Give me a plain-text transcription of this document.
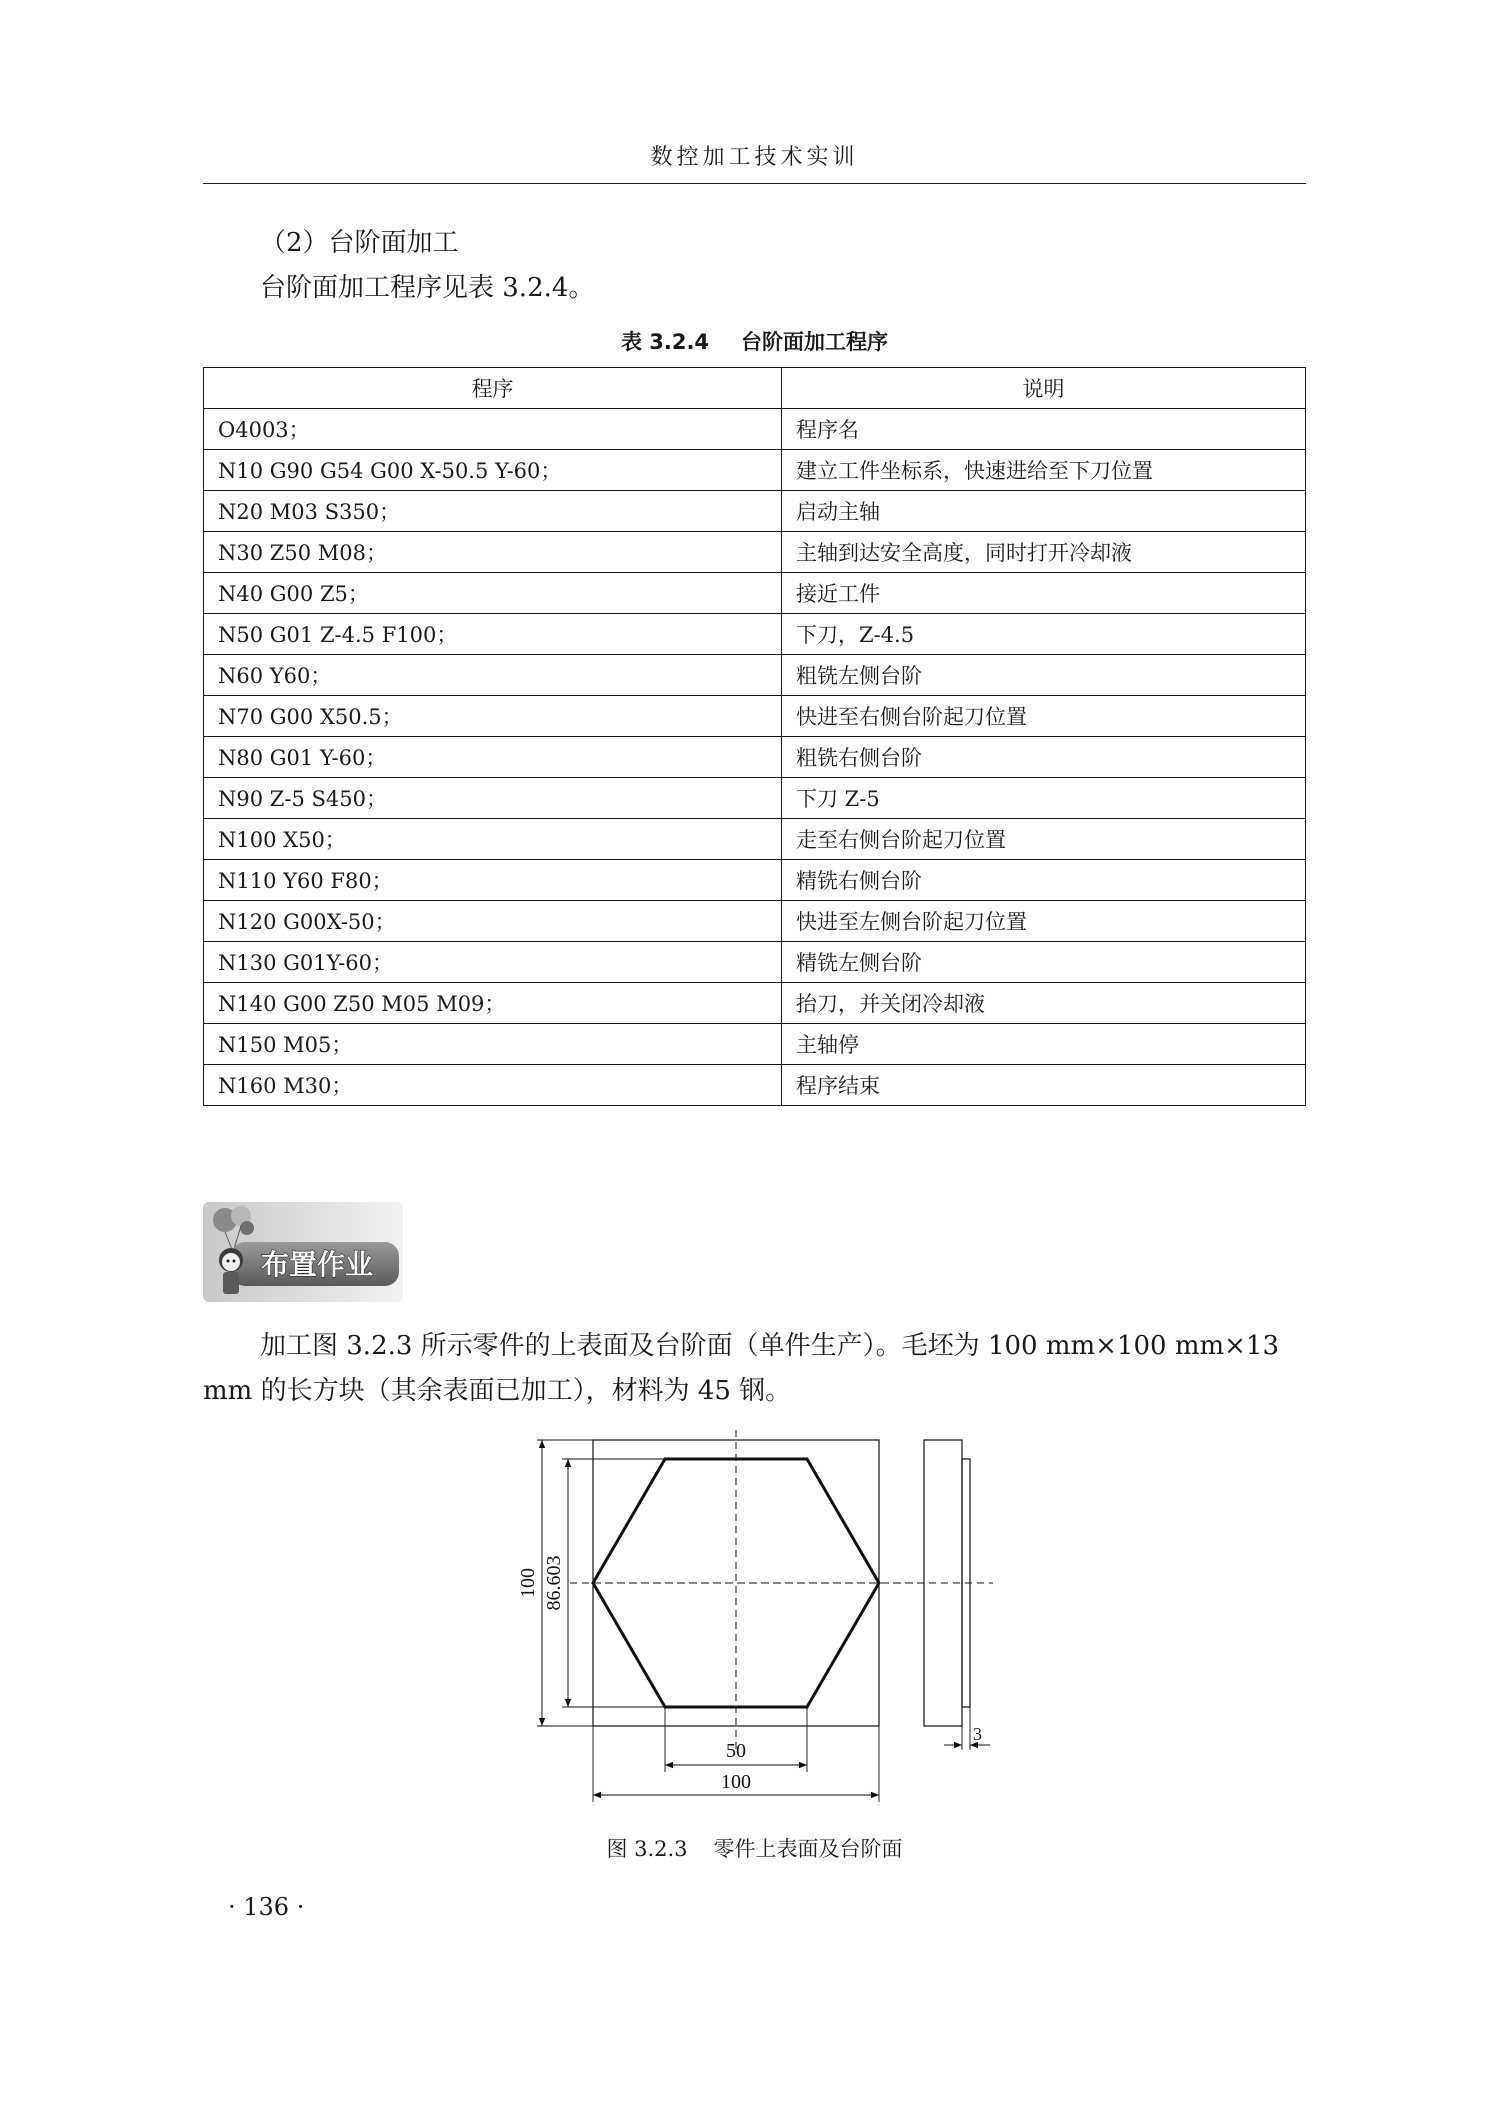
数控加工技术实训
（2）台阶面加工
台阶面加工程序见表 3.2.4。
表 3.2.4 台阶面加工程序
程序	说明
O4003；	程序名
N10 G90 G54 G00 X-50.5 Y-60；	建立工件坐标系，快速进给至下刀位置
N20 M03 S350；	启动主轴
N30 Z50 M08；	主轴到达安全高度，同时打开冷却液
N40 G00 Z5；	接近工件
N50 G01 Z-4.5 F100；	下刀，Z-4.5
N60 Y60；	粗铣左侧台阶
N70 G00 X50.5；	快进至右侧台阶起刀位置
N80 G01 Y-60；	粗铣右侧台阶
N90 Z-5 S450；	下刀 Z-5
N100 X50；	走至右侧台阶起刀位置
N110 Y60 F80；	精铣右侧台阶
N120 G00X-50；	快进至左侧台阶起刀位置
N130 G01Y-60；	精铣左侧台阶
N140 G00 Z50 M05 M09；	抬刀，并关闭冷却液
N150 M05；	主轴停
N160 M30；	程序结束
布置作业
加工图 3.2.3 所示零件的上表面及台阶面（单件生产）。毛坯为 100 mm×100 mm×13
mm 的长方块（其余表面已加工），材料为 45 钢。
100 86.603
50
100
3
图 3.2.3 零件上表面及台阶面
· 136 ·
